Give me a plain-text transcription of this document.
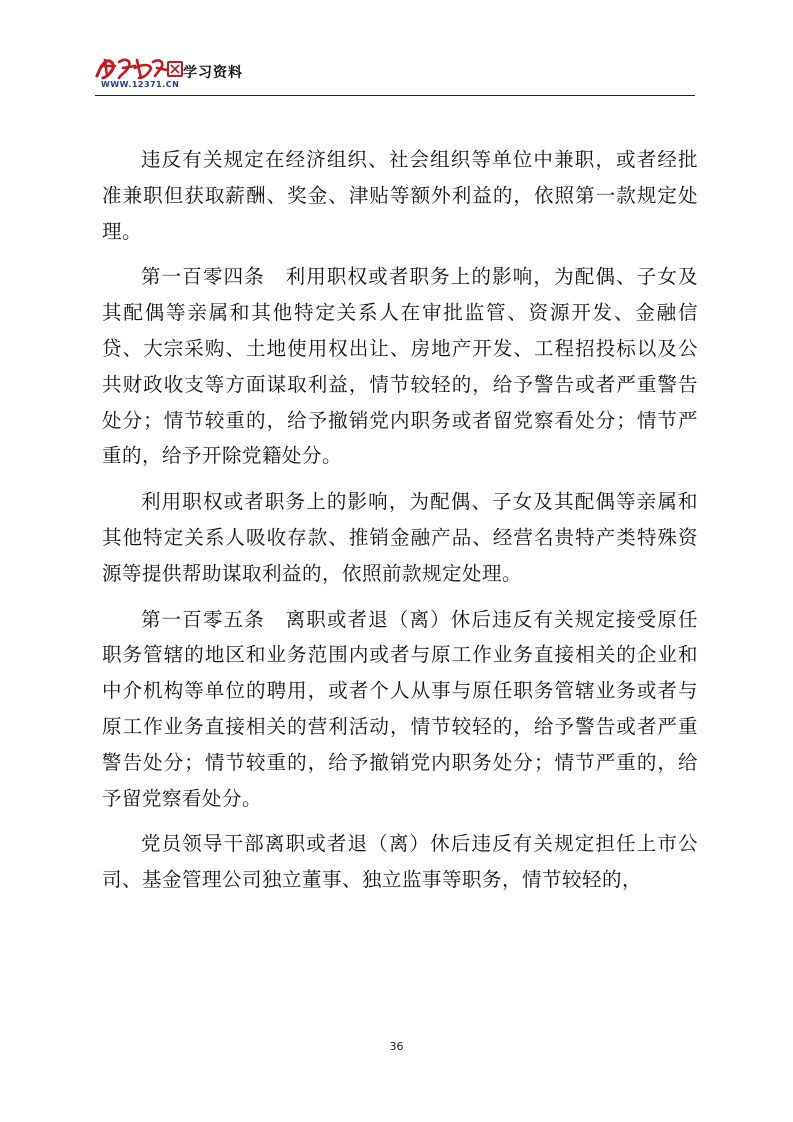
WWW.12371.CN
学习资料

违反有关规定在经济组织、社会组织等单位中兼职，或者经批准兼职但获取薪酬、奖金、津贴等额外利益的，依照第一款规定处理。

第一百零四条　利用职权或者职务上的影响，为配偶、子女及其配偶等亲属和其他特定关系人在审批监管、资源开发、金融信贷、大宗采购、土地使用权出让、房地产开发、工程招投标以及公共财政收支等方面谋取利益，情节较轻的，给予警告或者严重警告处分；情节较重的，给予撤销党内职务或者留党察看处分；情节严重的，给予开除党籍处分。

利用职权或者职务上的影响，为配偶、子女及其配偶等亲属和其他特定关系人吸收存款、推销金融产品、经营名贵特产类特殊资源等提供帮助谋取利益的，依照前款规定处理。

第一百零五条　离职或者退（离）休后违反有关规定接受原任职务管辖的地区和业务范围内或者与原工作业务直接相关的企业和中介机构等单位的聘用，或者个人从事与原任职务管辖业务或者与原工作业务直接相关的营利活动，情节较轻的，给予警告或者严重警告处分；情节较重的，给予撤销党内职务处分；情节严重的，给予留党察看处分。

党员领导干部离职或者退（离）休后违反有关规定担任上市公司、基金管理公司独立董事、独立监事等职务，情节较轻的，

36
